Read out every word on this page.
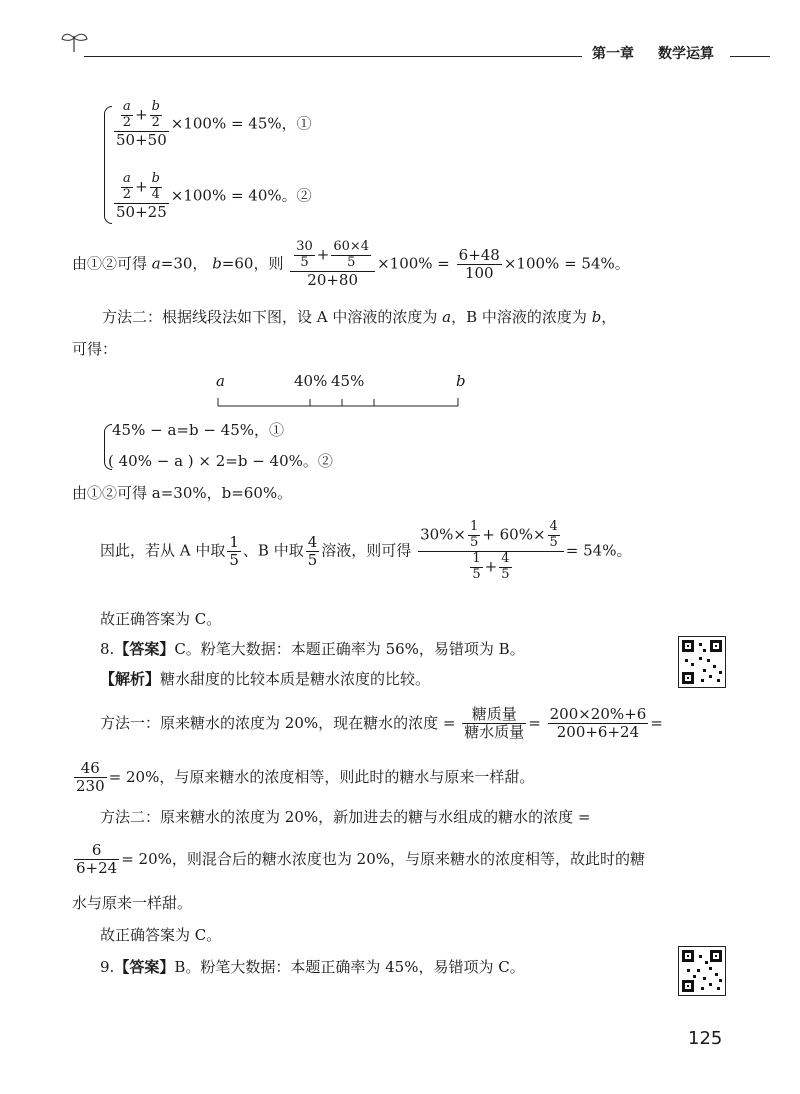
第一章 数学运算
$\frac{\frac{a}{2} + \frac{b}{2}}{50+50} \times 100\% = 45\%$，①
$\frac{\frac{a}{2} + \frac{b}{4}}{50+25} \times 100\% = 40\%$。②
由①②可得 a=30， b=60，则 $\frac{\frac{30}{5} + \frac{60\times 4}{5}}{20+80} \times 100\% = \frac{6+48}{100} \times 100\% = 54\%$。
方法二：根据线段法如下图，设 A 中溶液的浓度为 a，B 中溶液的浓度为 b，
可得：
a	40% 45%	b
45% − a=b − 45%，①
( 40% − a ) × 2=b − 40%。②
由①②可得 a=30%，b=60%。
因此，若从 A 中取 $\frac{1}{5}$ 、B 中取 $\frac{4}{5}$ 溶液，则可得 $\frac{30\%\times \frac{1}{5} + 60\%\times \frac{4}{5}}{\frac{1}{5} + \frac{4}{5}} = 54\%$。
故正确答案为 C。
8.【答案】C。粉笔大数据：本题正确率为 56%，易错项为 B。
【解析】糖水甜度的比较本质是糖水浓度的比较。
方法一：原来糖水的浓度为 20%，现在糖水的浓度 = $\frac{\text{糖质量}}{\text{糖水质量}} = \frac{200\times 20\%+6}{200+6+24}$ =
$\frac{46}{230} = 20\%$，与原来糖水的浓度相等，则此时的糖水与原来一样甜。
方法二：原来糖水的浓度为 20%，新加进去的糖与水组成的糖水的浓度 =
$\frac{6}{6+24} = 20\%$，则混合后的糖水浓度也为 20%，与原来糖水的浓度相等，故此时的糖
水与原来一样甜。
故正确答案为 C。
9.【答案】B。粉笔大数据：本题正确率为 45%，易错项为 C。
125
